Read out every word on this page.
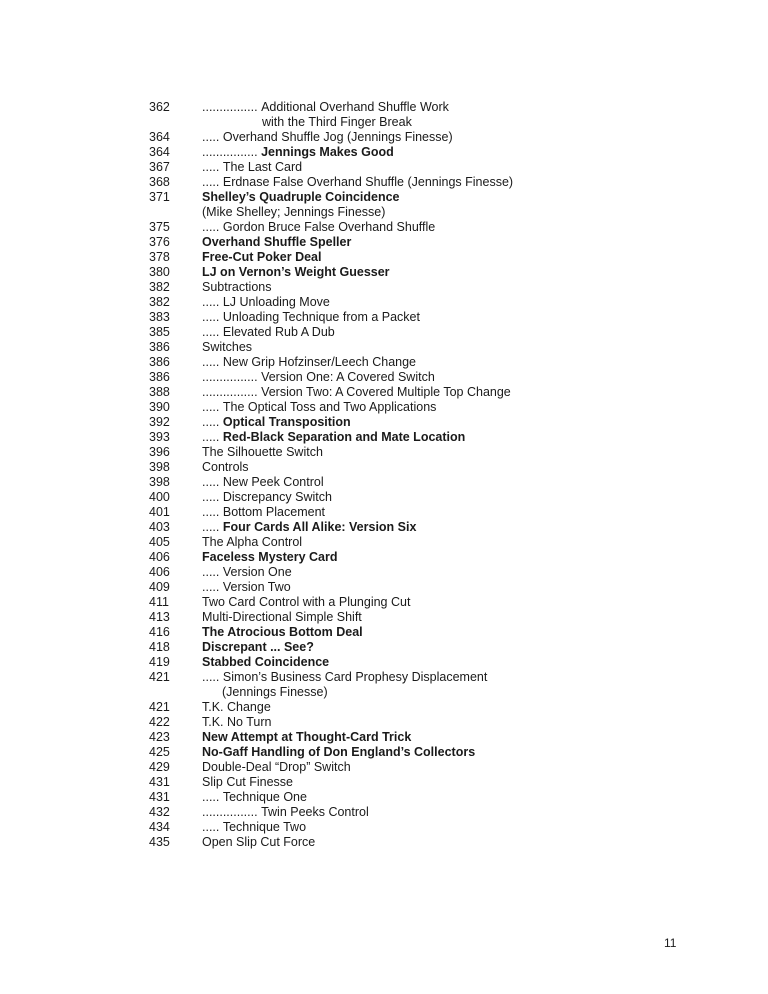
362	................ Additional Overhand Shuffle Work
with the Third Finger Break
364	..... Overhand Shuffle Jog (Jennings Finesse)
364	................ Jennings Makes Good
367	..... The Last Card
368	..... Erdnase False Overhand Shuffle (Jennings Finesse)
371	Shelley’s Quadruple Coincidence
(Mike Shelley; Jennings Finesse)
375	..... Gordon Bruce False Overhand Shuffle
376	Overhand Shuffle Speller
378	Free-Cut Poker Deal
380	LJ on Vernon’s Weight Guesser
382	Subtractions
382	..... LJ Unloading Move
383	..... Unloading Technique from a Packet
385	..... Elevated Rub A Dub
386	Switches
386	..... New Grip Hofzinser/Leech Change
386	................ Version One: A Covered Switch
388	................ Version Two: A Covered Multiple Top Change
390	..... The Optical Toss and Two Applications
392	..... Optical Transposition
393	..... Red-Black Separation and Mate Location
396	The Silhouette Switch
398	Controls
398	..... New Peek Control
400	..... Discrepancy Switch
401	..... Bottom Placement
403	..... Four Cards All Alike: Version Six
405	The Alpha Control
406	Faceless Mystery Card
406	..... Version One
409	..... Version Two
411	Two Card Control with a Plunging Cut
413	Multi-Directional Simple Shift
416	The Atrocious Bottom Deal
418	Discrepant ... See?
419	Stabbed Coincidence
421	..... Simon’s Business Card Prophesy Displacement
(Jennings Finesse)
421	T.K. Change
422	T.K. No Turn
423	New Attempt at Thought-Card Trick
425	No-Gaff Handling of Don England’s Collectors
429	Double-Deal “Drop” Switch
431	Slip Cut Finesse
431	..... Technique One
432	................ Twin Peeks Control
434	..... Technique Two
435	Open Slip Cut Force
11
